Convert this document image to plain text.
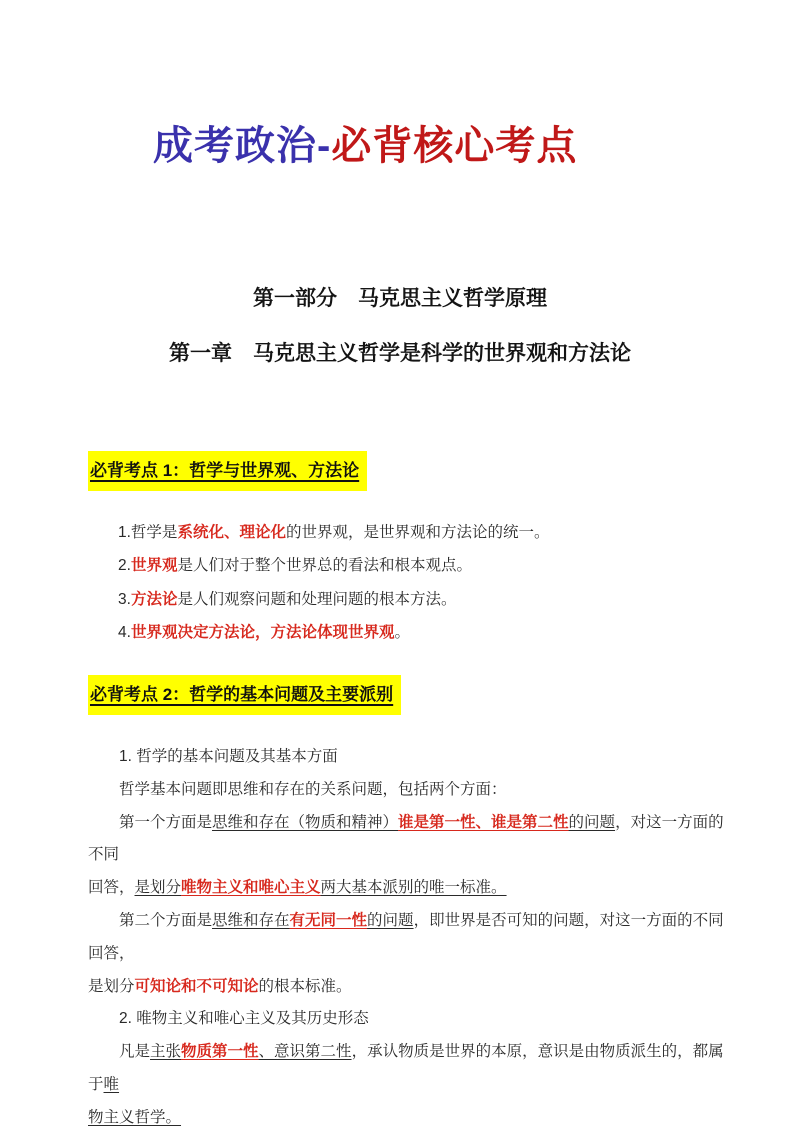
成考政治-必背核心考点
第一部分　马克思主义哲学原理
第一章　马克思主义哲学是科学的世界观和方法论
必背考点 1：哲学与世界观、方法论
1.哲学是系统化、理论化的世界观，是世界观和方法论的统一。
2.世界观是人们对于整个世界总的看法和根本观点。
3.方法论是人们观察问题和处理问题的根本方法。
4.世界观决定方法论，方法论体现世界观。
必背考点 2：哲学的基本问题及主要派别

1. 哲学的基本问题及其基本方面

哲学基本问题即思维和存在的关系问题，包括两个方面：

第一个方面是思维和存在（物质和精神）谁是第一性、谁是第二性的问题，对这一方面的不同
回答，是划分唯物主义和唯心主义两大基本派别的唯一标准。

第二个方面是思维和存在有无同一性的问题，即世界是否可知的问题，对这一方面的不同回答，
是划分可知论和不可知论的根本标准。

2. 唯物主义和唯心主义及其历史形态

凡是主张物质第一性、意识第二性，承认物质是世界的本原，意识是由物质派生的，都属于唯
物主义哲学。
